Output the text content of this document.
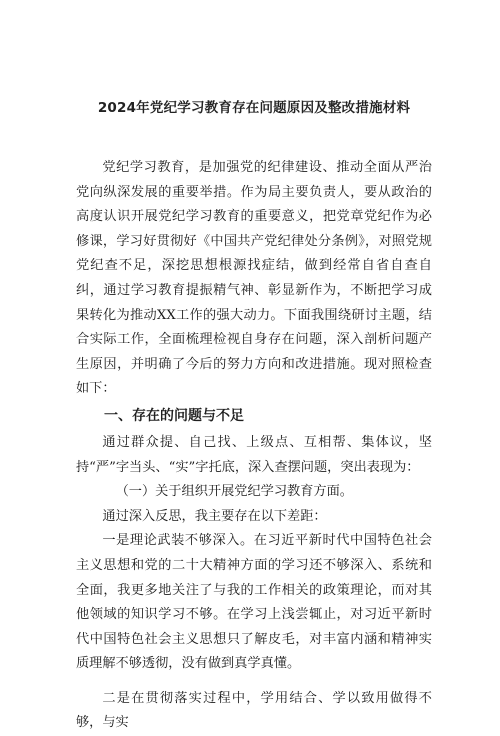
2024年党纪学习教育存在问题原因及整改措施材料

党纪学习教育，是加强党的纪律建设、推动全面从严治党向纵深发展的重要举措。作为局主要负责人，要从政治的高度认识开展党纪学习教育的重要意义，把党章党纪作为必修课，学习好贯彻好《中国共产党纪律处分条例》，对照党规党纪查不足，深挖思想根源找症结，做到经常自省自查自纠，通过学习教育提振精气神、彰显新作为，不断把学习成果转化为推动XX工作的强大动力。下面我围绕研讨主题，结合实际工作，全面梳理检视自身存在问题，深入剖析问题产生原因，并明确了今后的努力方向和改进措施。现对照检查如下：

一、存在的问题与不足

通过群众提、自己找、上级点、互相帮、集体议，坚持“严”字当头、“实”字托底，深入查摆问题，突出表现为：

（一）关于组织开展党纪学习教育方面。

通过深入反思，我主要存在以下差距：

一是理论武装不够深入。在习近平新时代中国特色社会主义思想和党的二十大精神方面的学习还不够深入、系统和全面，我更多地关注了与我的工作相关的政策理论，而对其他领域的知识学习不够。在学习上浅尝辄止，对习近平新时代中国特色社会主义思想只了解皮毛，对丰富内涵和精神实质理解不够透彻，没有做到真学真懂。

二是在贯彻落实过程中，学用结合、学以致用做得不够，与实
